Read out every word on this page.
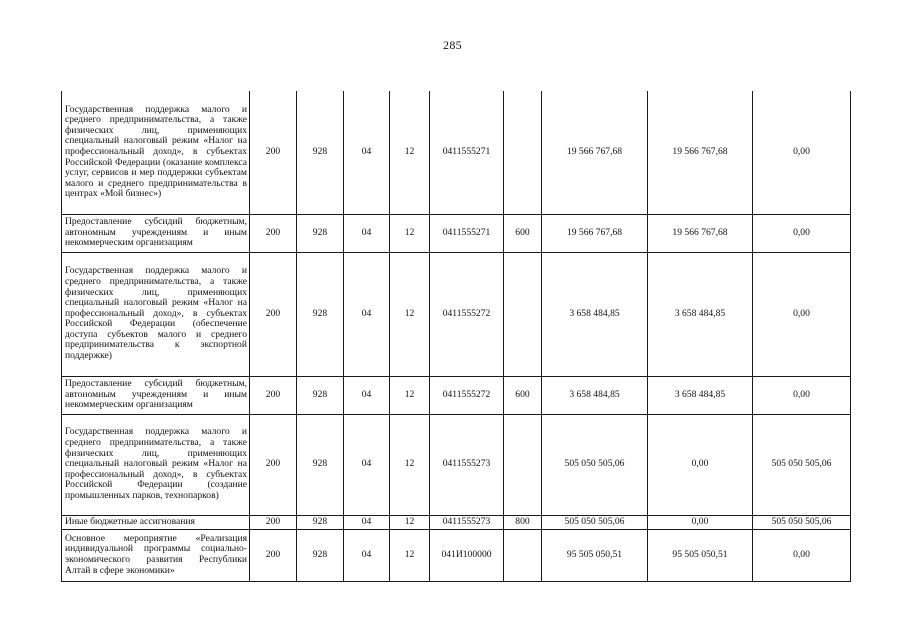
285
Государственная поддержка малого и среднего предпринимательства, а также физических лиц, применяющих специальный налоговый режим «Налог на профессиональный доход», в субъектах Российской Федерации (оказание комплекса услуг, сервисов и мер поддержки субъектам малого и среднего предпринимательства в центрах «Мой бизнес»)	200	928	04	12	0411555271		19 566 767,68	19 566 767,68	0,00
Предоставление субсидий бюджетным, автономным учреждениям и иным некоммерческим организациям	200	928	04	12	0411555271	600	19 566 767,68	19 566 767,68	0,00
Государственная поддержка малого и среднего предпринимательства, а также физических лиц, применяющих специальный налоговый режим «Налог на профессиональный доход», в субъектах Российской Федерации (обеспечение доступа субъектов малого и среднего предпринимательства к экспортной поддержке)	200	928	04	12	0411555272		3 658 484,85	3 658 484,85	0,00
Предоставление субсидий бюджетным, автономным учреждениям и иным некоммерческим организациям	200	928	04	12	0411555272	600	3 658 484,85	3 658 484,85	0,00
Государственная поддержка малого и среднего предпринимательства, а также физических лиц, применяющих специальный налоговый режим «Налог на профессиональный доход», в субъектах Российской Федерации (создание промышленных парков, технопарков)	200	928	04	12	0411555273		505 050 505,06	0,00	505 050 505,06
Иные бюджетные ассигнования	200	928	04	12	0411555273	800	505 050 505,06	0,00	505 050 505,06
Основное мероприятие «Реализация индивидуальной программы социально-экономического развития Республики Алтай в сфере экономики»	200	928	04	12	041И100000		95 505 050,51	95 505 050,51	0,00
